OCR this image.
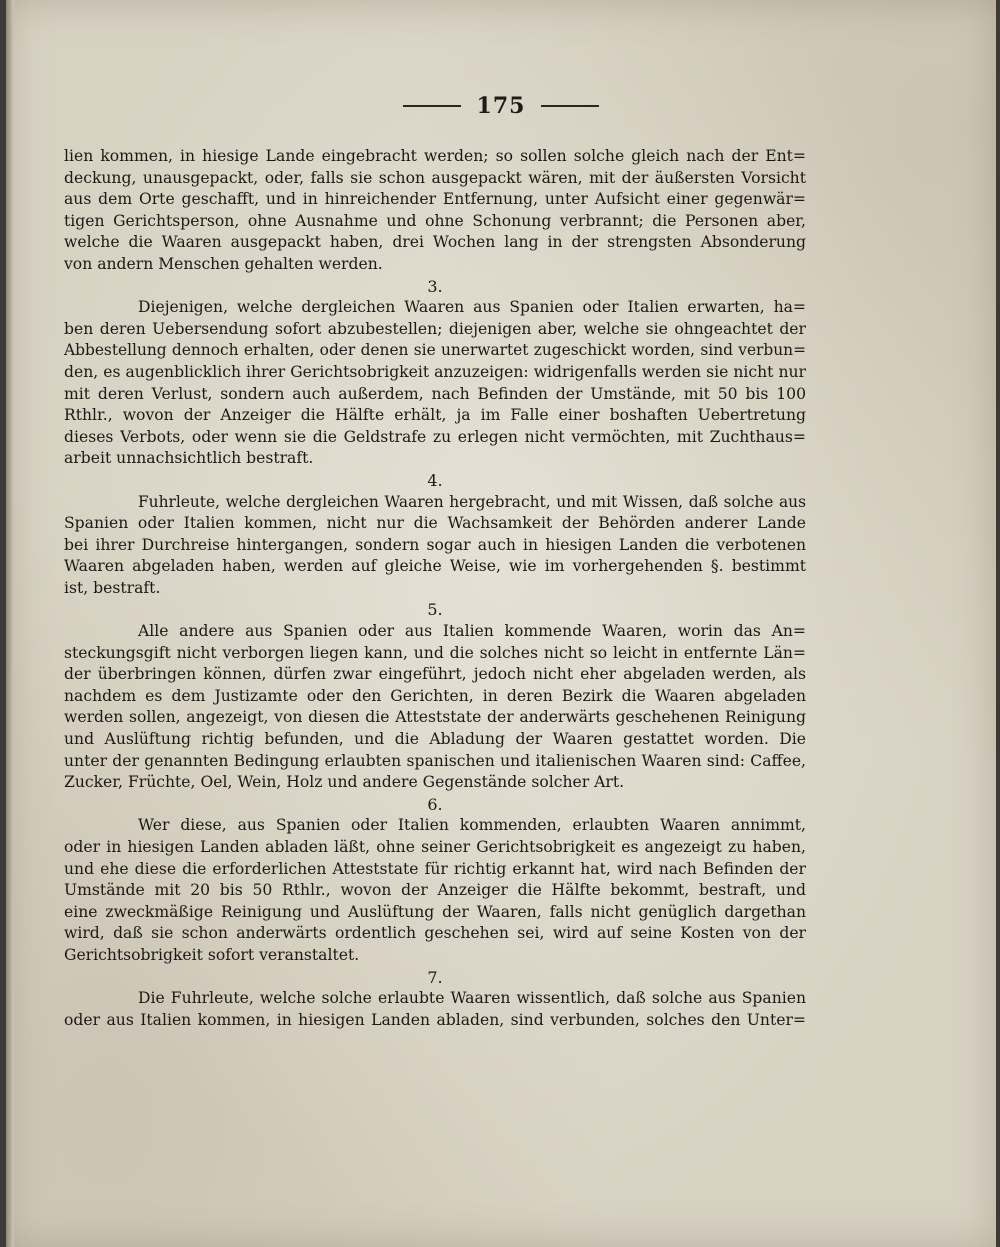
175
lien kommen, in hiesige Lande eingebracht werden; so sollen solche gleich nach der Ent=
deckung, unausgepackt, oder, falls sie schon ausgepackt wären, mit der äußersten Vorsicht
aus dem Orte geschafft, und in hinreichender Entfernung, unter Aufsicht einer gegenwär=
tigen Gerichtsperson, ohne Ausnahme und ohne Schonung verbrannt; die Personen aber,
welche die Waaren ausgepackt haben, drei Wochen lang in der strengsten Absonderung
von andern Menschen gehalten werden.
3.
Diejenigen, welche dergleichen Waaren aus Spanien oder Italien erwarten, ha=
ben deren Uebersendung sofort abzubestellen; diejenigen aber, welche sie ohngeachtet der
Abbestellung dennoch erhalten, oder denen sie unerwartet zugeschickt worden, sind verbun=
den, es augenblicklich ihrer Gerichtsobrigkeit anzuzeigen: widrigenfalls werden sie nicht nur
mit deren Verlust, sondern auch außerdem, nach Befinden der Umstände, mit 50 bis 100
Rthlr., wovon der Anzeiger die Hälfte erhält, ja im Falle einer boshaften Uebertretung
dieses Verbots, oder wenn sie die Geldstrafe zu erlegen nicht vermöchten, mit Zuchthaus=
arbeit unnachsichtlich bestraft.
4.
Fuhrleute, welche dergleichen Waaren hergebracht, und mit Wissen, daß solche aus
Spanien oder Italien kommen, nicht nur die Wachsamkeit der Behörden anderer Lande
bei ihrer Durchreise hintergangen, sondern sogar auch in hiesigen Landen die verbotenen
Waaren abgeladen haben, werden auf gleiche Weise, wie im vorhergehenden §. bestimmt
ist, bestraft.
5.
Alle andere aus Spanien oder aus Italien kommende Waaren, worin das An=
steckungsgift nicht verborgen liegen kann, und die solches nicht so leicht in entfernte Län=
der überbringen können, dürfen zwar eingeführt, jedoch nicht eher abgeladen werden, als
nachdem es dem Justizamte oder den Gerichten, in deren Bezirk die Waaren abgeladen
werden sollen, angezeigt, von diesen die Atteststate der anderwärts geschehenen Reinigung
und Auslüftung richtig befunden, und die Abladung der Waaren gestattet worden. Die
unter der genannten Bedingung erlaubten spanischen und italienischen Waaren sind: Caffee,
Zucker, Früchte, Oel, Wein, Holz und andere Gegenstände solcher Art.
6.
Wer diese, aus Spanien oder Italien kommenden, erlaubten Waaren annimmt,
oder in hiesigen Landen abladen läßt, ohne seiner Gerichtsobrigkeit es angezeigt zu haben,
und ehe diese die erforderlichen Atteststate für richtig erkannt hat, wird nach Befinden der
Umstände mit 20 bis 50 Rthlr., wovon der Anzeiger die Hälfte bekommt, bestraft, und
eine zweckmäßige Reinigung und Auslüftung der Waaren, falls nicht genüglich dargethan
wird, daß sie schon anderwärts ordentlich geschehen sei, wird auf seine Kosten von der
Gerichtsobrigkeit sofort veranstaltet.
7.
Die Fuhrleute, welche solche erlaubte Waaren wissentlich, daß solche aus Spanien
oder aus Italien kommen, in hiesigen Landen abladen, sind verbunden, solches den Unter=
